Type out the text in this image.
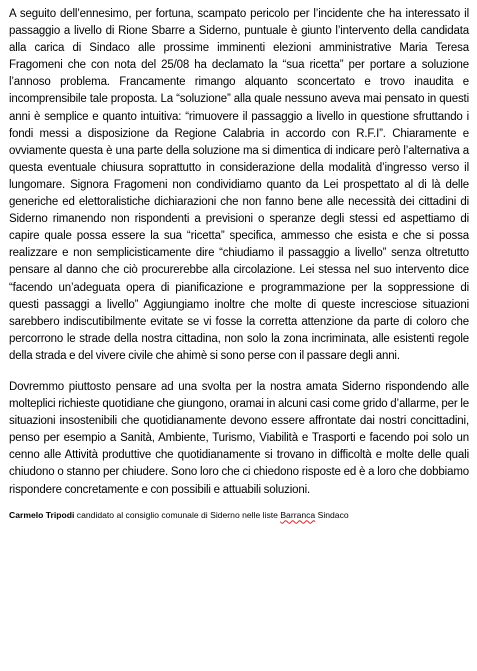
A seguito dell’ennesimo, per fortuna, scampato pericolo per l’incidente che ha interessato il passaggio a livello di Rione Sbarre a Siderno, puntuale è giunto l’intervento della candidata alla carica di Sindaco alle prossime imminenti elezioni amministrative Maria Teresa Fragomeni che con nota del 25/08 ha declamato la “sua ricetta” per portare a soluzione l’annoso problema. Francamente rimango alquanto sconcertato e trovo inaudita e incomprensibile tale proposta. La “soluzione” alla quale nessuno aveva mai pensato in questi anni è semplice e quanto intuitiva: “rimuovere il passaggio a livello in questione sfruttando i fondi messi a disposizione da Regione Calabria in accordo con R.F.I”. Chiaramente e ovviamente questa è una parte della soluzione ma si dimentica di indicare però l’alternativa a questa eventuale chiusura soprattutto in considerazione della modalità d’ingresso verso il lungomare. Signora Fragomeni non condividiamo quanto da Lei prospettato al di là delle generiche ed elettoralistiche dichiarazioni che non fanno bene alle necessità dei cittadini di Siderno rimanendo non rispondenti a previsioni o speranze degli stessi ed aspettiamo di capire quale possa essere la sua “ricetta” specifica, ammesso che esista e che si possa realizzare e non semplicisticamente dire “chiudiamo il passaggio a livello” senza oltretutto pensare al danno che ciò procurerebbe alla circolazione. Lei stessa nel suo intervento dice “facendo un’adeguata opera di pianificazione e programmazione per la soppressione di questi passaggi a livello” Aggiungiamo inoltre che molte di queste incresciose situazioni sarebbero indiscutibilmente evitate se vi fosse la corretta attenzione da parte di coloro che percorrono le strade della nostra cittadina, non solo la zona incriminata, alle esistenti regole della strada e del vivere civile che ahimè si sono perse con il passare degli anni.

Dovremmo piuttosto pensare ad una svolta per la nostra amata Siderno rispondendo alle molteplici richieste quotidiane che giungono, oramai in alcuni casi come grido d’allarme, per le situazioni insostenibili che quotidianamente devono essere affrontate dai nostri concittadini, penso per esempio a Sanità, Ambiente, Turismo, Viabilità e Trasporti e facendo poi solo un cenno alle Attività produttive che quotidianamente si trovano in difficoltà e molte delle quali chiudono o stanno per chiudere. Sono loro che ci chiedono risposte ed è a loro che dobbiamo rispondere concretamente e con possibili e attuabili soluzioni.

Carmelo Tripodi candidato al consiglio comunale di Siderno nelle liste Barranca Sindaco
